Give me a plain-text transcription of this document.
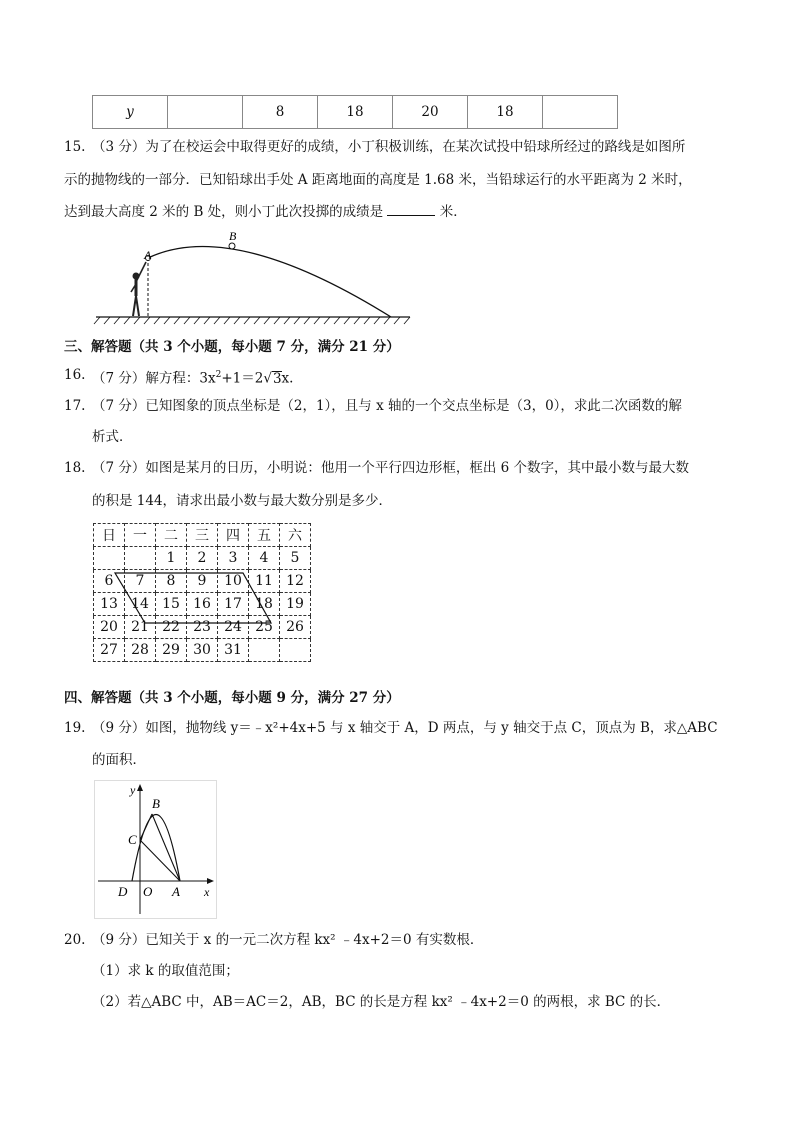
y		8	18	20	18	
15. （3 分）为了在校运会中取得更好的成绩，小丁积极训练，在某次试投中铅球所经过的路线是如图所
示的抛物线的一部分．已知铅球出手处 A 距离地面的高度是 1.68 米，当铅球运行的水平距离为 2 米时，
达到最大高度 2 米的 B 处，则小丁此次投掷的成绩是	米．
A
B
三、解答题（共 3 个小题，每小题 7 分，满分 21 分）
16. （7 分）解方程：$3x^2+1=2√3x$.
17. （7 分）已知图象的顶点坐标是（2，1），且与 x 轴的一个交点坐标是（3，0），求此二次函数的解
析式．
18. （7 分）如图是某月的日历，小明说：他用一个平行四边形框，框出 6 个数字，其中最小数与最大数
的积是 144，请求出最小数与最大数分别是多少．
日	一	二	三	四	五	六
		1	2	3	4	5
6	7	8	9	10	11	12
13	14	15	16	17	18	19
20	21	22	23	24	25	26
27	28	29	30	31		
四、解答题（共 3 个小题，每小题 9 分，满分 27 分）
19. （9 分）如图，抛物线 y＝﹣x²+4x+5 与 x 轴交于 A，D 两点，与 y 轴交于点 C，顶点为 B，求△ABC
的面积．
y
B
C
D O A x
20. （9 分）已知关于 x 的一元二次方程 kx² ﹣4x+2＝0 有实数根．
（1）求 k 的取值范围；
（2）若△ABC 中，AB＝AC＝2，AB，BC 的长是方程 kx² ﹣4x+2＝0 的两根，求 BC 的长．
